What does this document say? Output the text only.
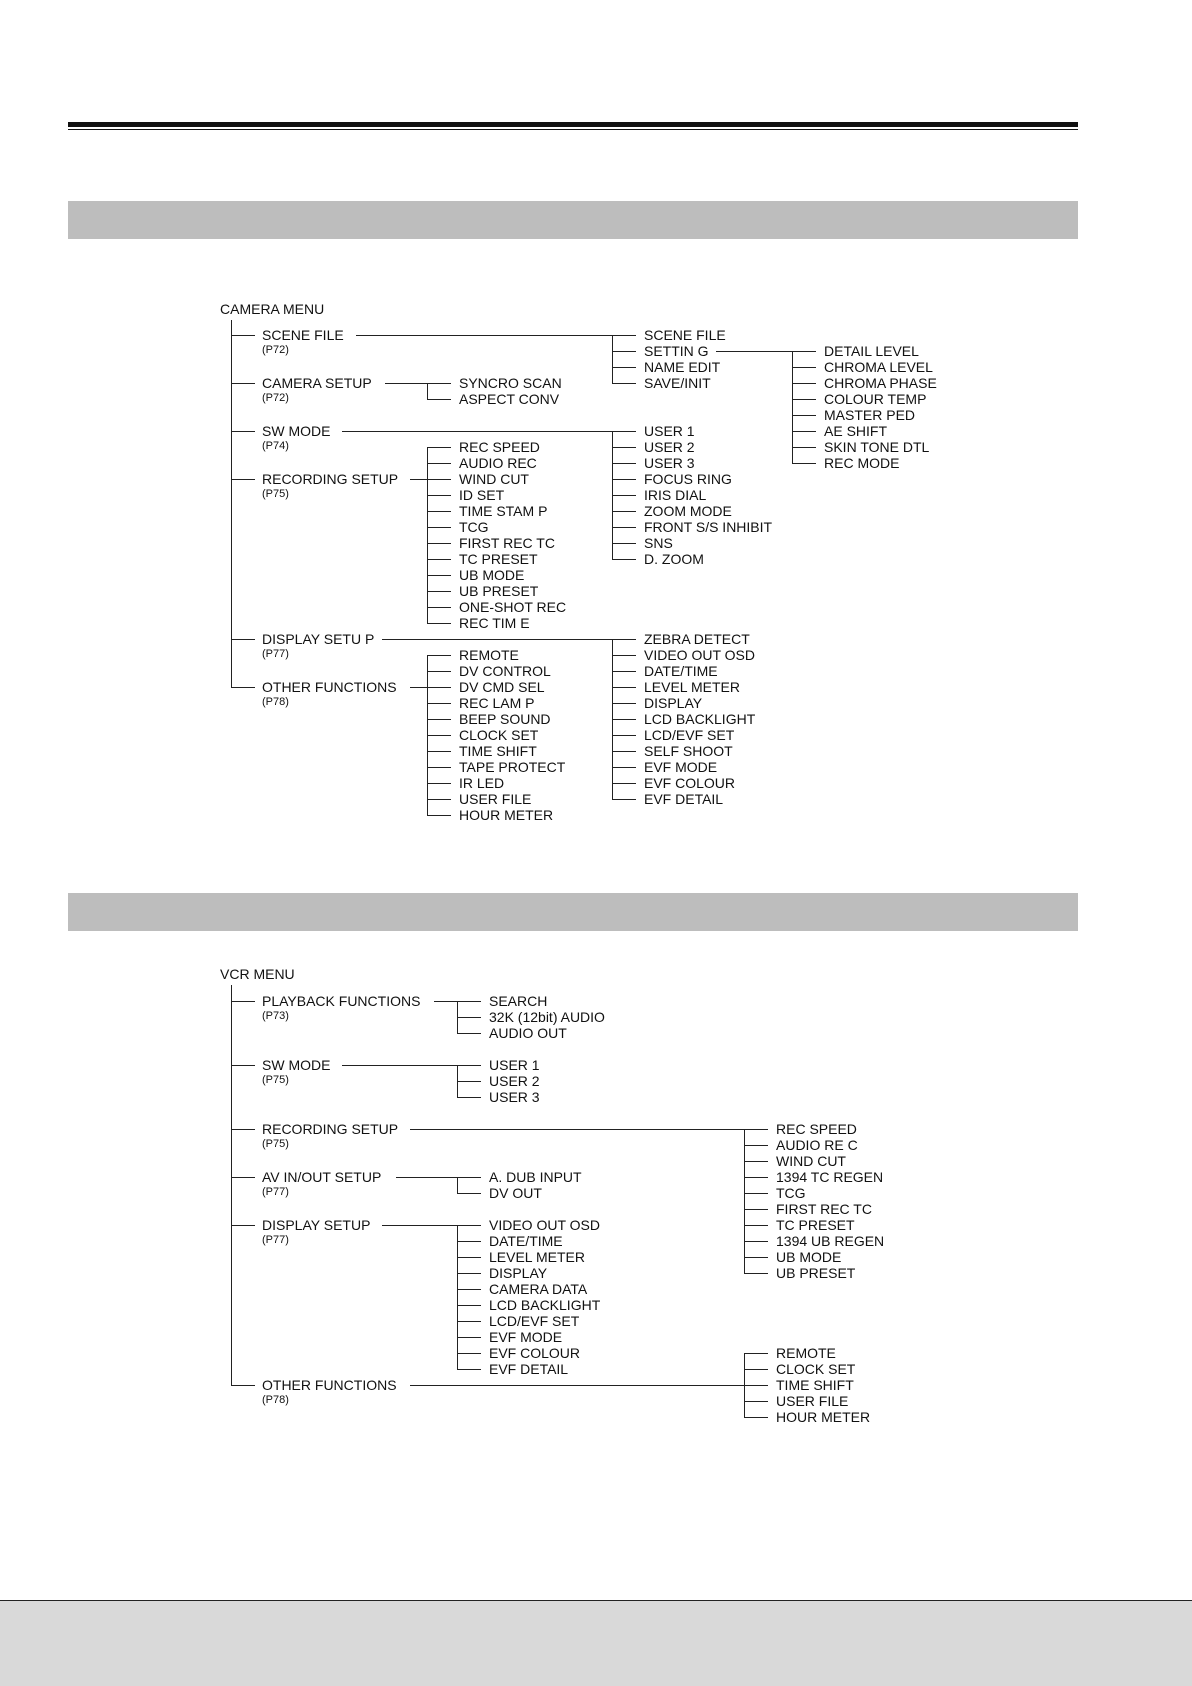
CAMERA MENU
SCENE FILE
(P72)
SCENE FILE
SETTIN G
NAME EDIT
SAVE/INIT
DETAIL LEVEL
CHROMA LEVEL
CHROMA PHASE
COLOUR TEMP
MASTER PED
AE SHIFT
SKIN TONE DTL
REC MODE
CAMERA SETUP
(P72)
SYNCRO SCAN
ASPECT CONV
SW MODE
(P74)
USER 1
USER 2
USER 3
FOCUS RING
IRIS DIAL
ZOOM MODE
FRONT S/S INHIBIT
SNS
D. ZOOM
RECORDING SETUP
(P75)
REC SPEED
AUDIO REC
WIND CUT
ID SET
TIME STAM P
TCG
FIRST REC TC
TC PRESET
UB MODE
UB PRESET
ONE-SHOT REC
REC TIM E
DISPLAY SETU P
(P77)
ZEBRA DETECT
VIDEO OUT OSD
DATE/TIME
LEVEL METER
DISPLAY
LCD BACKLIGHT
LCD/EVF SET
SELF SHOOT
EVF MODE
EVF COLOUR
EVF DETAIL
OTHER FUNCTIONS
(P78)
REMOTE
DV CONTROL
DV CMD SEL
REC LAM P
BEEP SOUND
CLOCK SET
TIME SHIFT
TAPE PROTECT
IR LED
USER FILE
HOUR METER
VCR MENU
PLAYBACK FUNCTIONS
(P73)
SEARCH
32K (12bit) AUDIO
AUDIO OUT
SW MODE
(P75)
USER 1
USER 2
USER 3
RECORDING SETUP
(P75)
REC SPEED
AUDIO RE C
WIND CUT
1394 TC REGEN
TCG
FIRST REC TC
TC PRESET
1394 UB REGEN
UB MODE
UB PRESET
AV IN/OUT SETUP
(P77)
A. DUB INPUT
DV OUT
DISPLAY SETUP
(P77)
VIDEO OUT OSD
DATE/TIME
LEVEL METER
DISPLAY
CAMERA DATA
LCD BACKLIGHT
LCD/EVF SET
EVF MODE
EVF COLOUR
EVF DETAIL
OTHER FUNCTIONS
(P78)
REMOTE
CLOCK SET
TIME SHIFT
USER FILE
HOUR METER
